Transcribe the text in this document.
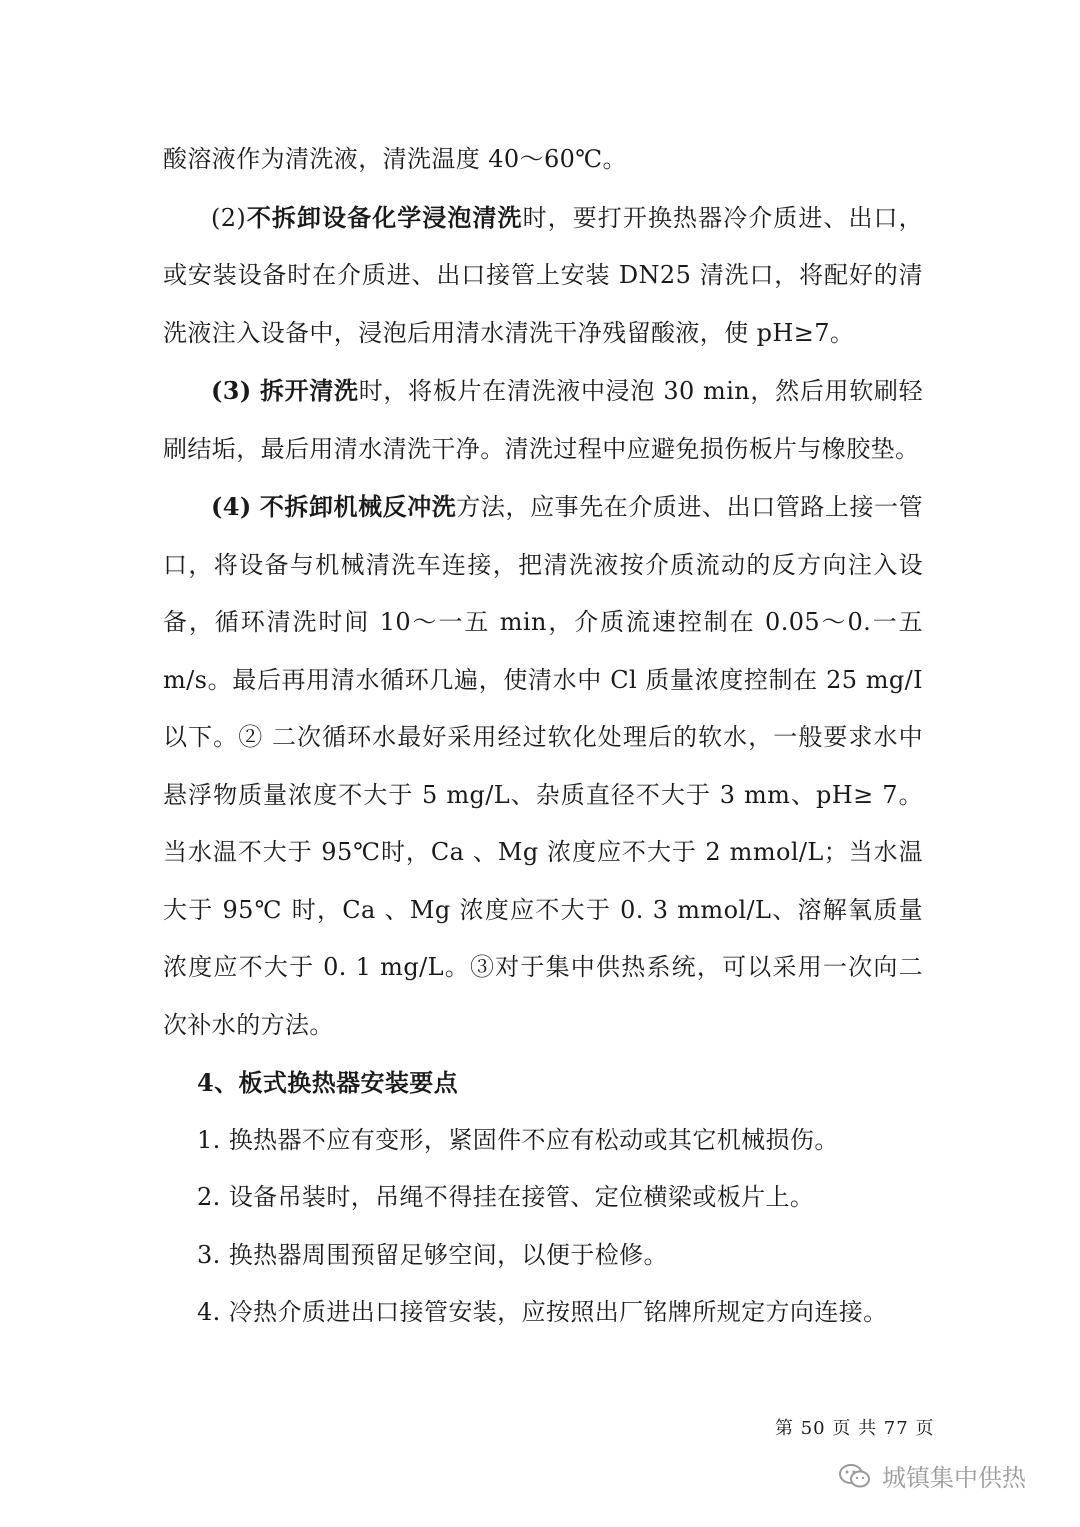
酸溶液作为清洗液，清洗温度 40～60℃。

(2)不拆卸设备化学浸泡清洗时，要打开换热器冷介质进、出口，或安装设备时在介质进、出口接管上安装 DN25 清洗口，将配好的清洗液注入设备中，浸泡后用清水清洗干净残留酸液，使 pH≥7。

(3) 拆开清洗时，将板片在清洗液中浸泡 30 min，然后用软刷轻刷结垢，最后用清水清洗干净。清洗过程中应避免损伤板片与橡胶垫。

(4) 不拆卸机械反冲洗方法，应事先在介质进、出口管路上接一管口，将设备与机械清洗车连接，把清洗液按介质流动的反方向注入设备，循环清洗时间 10～一五 min，介质流速控制在 0.05～0.一五 m/s。最后再用清水循环几遍，使清水中 Cl 质量浓度控制在 25 mg/I 以下。② 二次循环水最好采用经过软化处理后的软水，一般要求水中悬浮物质量浓度不大于 5 mg/L、杂质直径不大于 3 mm、pH≥ 7。当水温不大于 95℃时，Ca 、Mg 浓度应不大于 2 mmol/L；当水温大于 95℃ 时，Ca 、Mg 浓度应不大于 0. 3 mmol/L、溶解氧质量浓度应不大于 0. 1 mg/L。③对于集中供热系统，可以采用一次向二次补水的方法。

4、板式换热器安装要点

1. 换热器不应有变形，紧固件不应有松动或其它机械损伤。

2. 设备吊装时，吊绳不得挂在接管、定位横梁或板片上。

3. 换热器周围预留足够空间，以便于检修。

4. 冷热介质进出口接管安装，应按照出厂铭牌所规定方向连接。

第 50 页 共 77 页
城镇集中供热
